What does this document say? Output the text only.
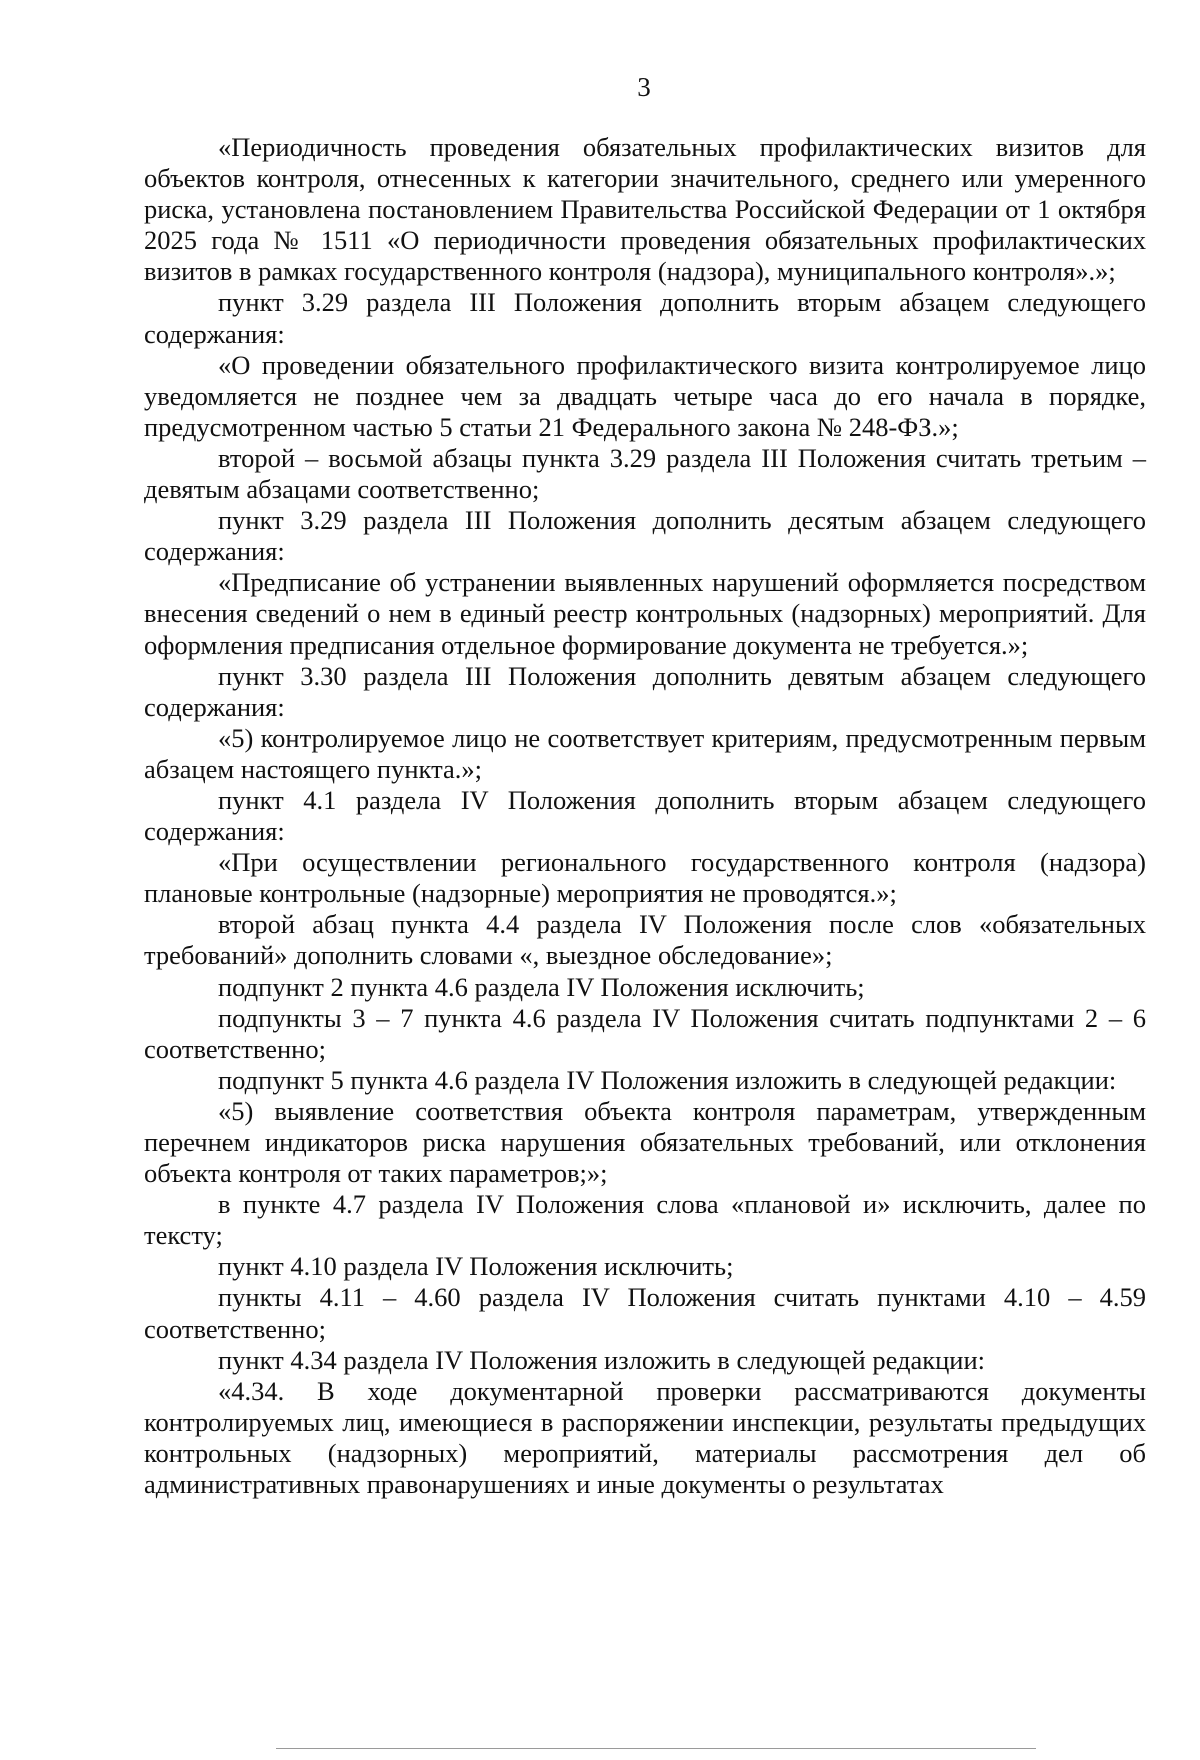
3

«Периодичность проведения обязательных профилактических визитов для объектов контроля, отнесенных к категории значительного, среднего или умеренного риска, установлена постановлением Правительства Российской Федерации от 1 октября 2025 года № 1511 «О периодичности проведения обязательных профилактических визитов в рамках государственного контроля (надзора), муниципального контроля».»;

пункт 3.29 раздела III Положения дополнить вторым абзацем следующего содержания:

«О проведении обязательного профилактического визита контролируемое лицо уведомляется не позднее чем за двадцать четыре часа до его начала в порядке, предусмотренном частью 5 статьи 21 Федерального закона № 248-ФЗ.»;

второй – восьмой абзацы пункта 3.29 раздела III Положения считать третьим – девятым абзацами соответственно;

пункт 3.29 раздела III Положения дополнить десятым абзацем следующего содержания:

«Предписание об устранении выявленных нарушений оформляется посредством внесения сведений о нем в единый реестр контрольных (надзорных) мероприятий. Для оформления предписания отдельное формирование документа не требуется.»;

пункт 3.30 раздела III Положения дополнить девятым абзацем следующего содержания:

«5) контролируемое лицо не соответствует критериям, предусмотренным первым абзацем настоящего пункта.»;

пункт 4.1 раздела IV Положения дополнить вторым абзацем следующего содержания:

«При осуществлении регионального государственного контроля (надзора) плановые контрольные (надзорные) мероприятия не проводятся.»;

второй абзац пункта 4.4 раздела IV Положения после слов «обязательных требований» дополнить словами «, выездное обследование»;

подпункт 2 пункта 4.6 раздела IV Положения исключить;

подпункты 3 – 7 пункта 4.6 раздела IV Положения считать подпунктами 2 – 6 соответственно;

подпункт 5 пункта 4.6 раздела IV Положения изложить в следующей редакции:

«5) выявление соответствия объекта контроля параметрам, утвержденным перечнем индикаторов риска нарушения обязательных требований, или отклонения объекта контроля от таких параметров;»;

в пункте 4.7 раздела IV Положения слова «плановой и» исключить, далее по тексту;

пункт 4.10 раздела IV Положения исключить;

пункты 4.11 – 4.60 раздела IV Положения считать пунктами 4.10 – 4.59 соответственно;

пункт 4.34 раздела IV Положения изложить в следующей редакции:

«4.34. В ходе документарной проверки рассматриваются документы контролируемых лиц, имеющиеся в распоряжении инспекции, результаты предыдущих контрольных (надзорных) мероприятий, материалы рассмотрения дел об административных правонарушениях и иные документы о результатах
